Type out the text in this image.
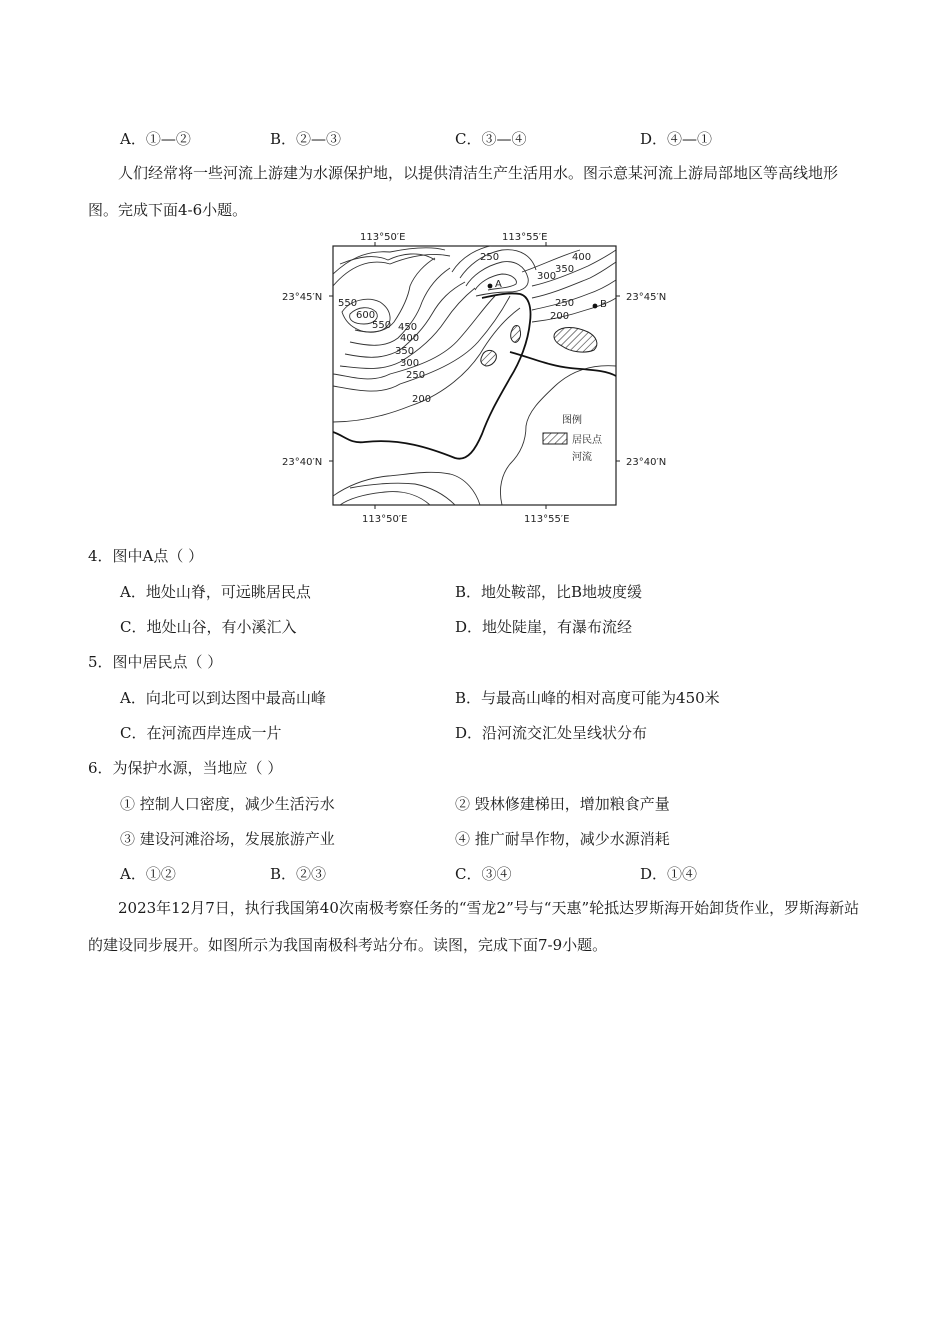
A．①—②	B．②—③	C．③—④	D．④—①
人们经常将一些河流上游建为水源保护地，以提供清洁生产生活用水。图示意某河流上游局部地区等高线地形图。完成下面4-6小题。
113°50′E	113°55′E
113°50′E	113°55′E
23°45′N	23°45′N
23°40′N	23°40′N
250
300
350
400
250
200
550
600
550 450
400
350
300
250
200
A
B
图例
居民点
河流
4．图中A点（ ）
A．地处山脊，可远眺居民点	B．地处鞍部，比B地坡度缓
C．地处山谷，有小溪汇入	D．地处陡崖，有瀑布流经
5．图中居民点（ ）
A．向北可以到达图中最高山峰	B．与最高山峰的相对高度可能为450米
C．在河流西岸连成一片	D．沿河流交汇处呈线状分布
6．为保护水源，当地应（ ）
① 控制人口密度，减少生活污水	② 毁林修建梯田，增加粮食产量
③ 建设河滩浴场，发展旅游产业	④ 推广耐旱作物，减少水源消耗
A．①②	B．②③	C．③④	D．①④
2023年12月7日，执行我国第40次南极考察任务的“雪龙2”号与“天惠”轮抵达罗斯海开始卸货作业，罗斯海新站的建设同步展开。如图所示为我国南极科考站分布。读图，完成下面7-9小题。
